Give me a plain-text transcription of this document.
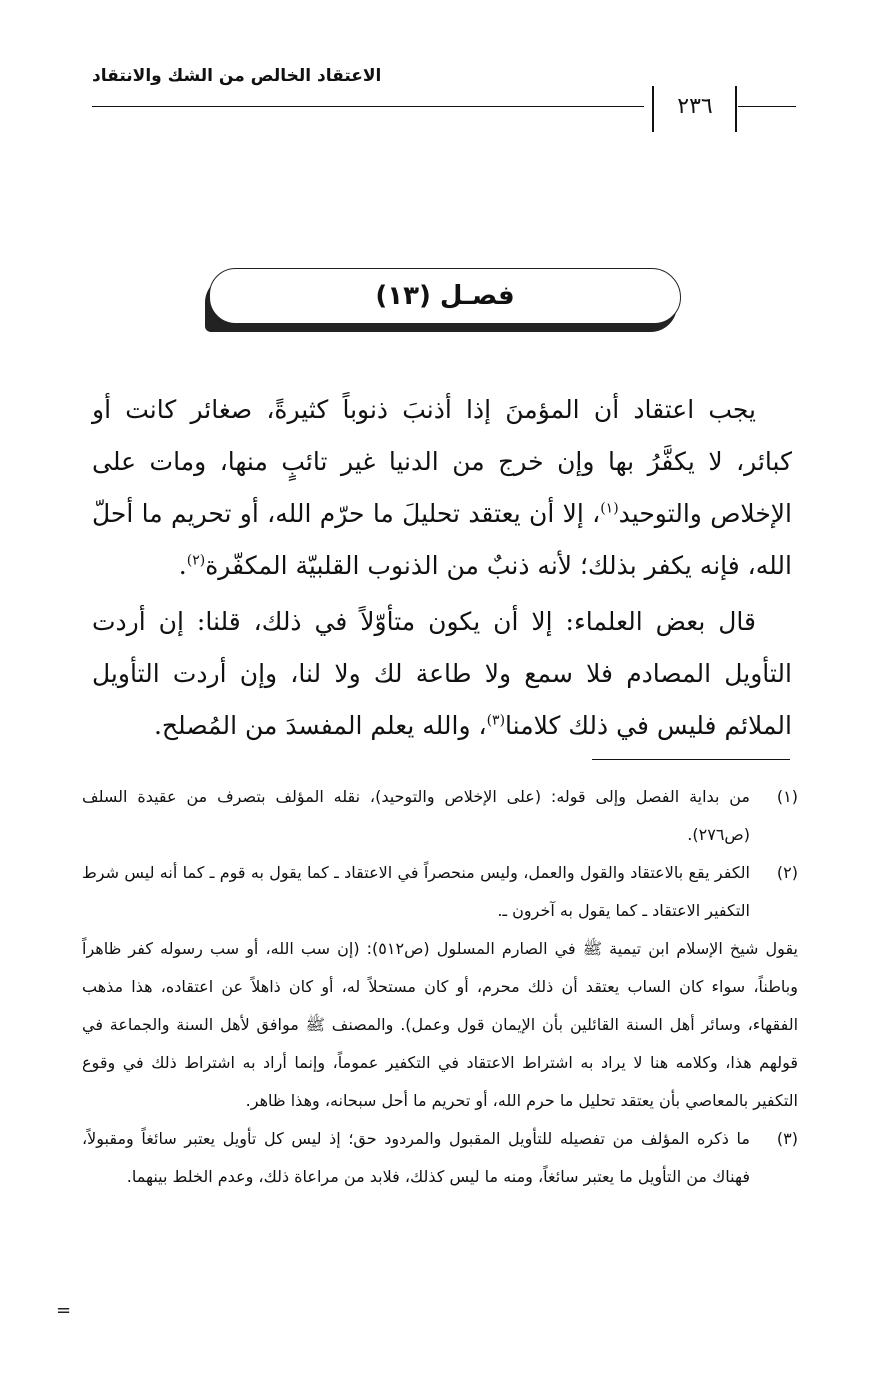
الاعتقاد الخالص من الشك والانتقاد
٢٣٦
فصـل (١٣)

يجب اعتقاد أن المؤمنَ إذا أذنبَ ذنوباً كثيرةً، صغائر كانت أو كبائر، لا يكفَّرُ بها وإن خرج من الدنيا غير تائبٍ منها، ومات على الإخلاص والتوحيد$^{(١)}$، إلا أن يعتقد تحليلَ ما حرّم الله، أو تحريم ما أحلّ الله، فإنه يكفر بذلك؛ لأنه ذنبٌ من الذنوب القلبيّة المكفّرة$^{(٢)}$.

قال بعض العلماء: إلا أن يكون متأوّلاً في ذلك، قلنا: إن أردت التأويل المصادم فلا سمع ولا طاعة لك ولا لنا، وإن أردت التأويل الملائم فليس في ذلك كلامنا$^{(٣)}$، والله يعلم المفسدَ من المُصلح.

(١)
من بداية الفصل وإلى قوله: (على الإخلاص والتوحيد)، نقله المؤلف بتصرف من عقيدة السلف (ص٢٧٦).
(٢)
الكفر يقع بالاعتقاد والقول والعمل، وليس منحصراً في الاعتقاد ـ كما يقول به قوم ـ كما أنه ليس شرط التكفير الاعتقاد ـ كما يقول به آخرون ـ.
يقول شيخ الإسلام ابن تيمية ﷺ في الصارم المسلول (ص٥١٢): (إن سب الله، أو سب رسوله كفر ظاهراً وباطناً، سواء كان الساب يعتقد أن ذلك محرم، أو كان مستحلاً له، أو كان ذاهلاً عن اعتقاده، هذا مذهب الفقهاء، وسائر أهل السنة القائلين بأن الإيمان قول وعمل). والمصنف ﷺ موافق لأهل السنة والجماعة في قولهم هذا، وكلامه هنا لا يراد به اشتراط الاعتقاد في التكفير عموماً، وإنما أراد به اشتراط ذلك في وقوع التكفير بالمعاصي بأن يعتقد تحليل ما حرم الله، أو تحريم ما أحل سبحانه، وهذا ظاهر.
(٣)
ما ذكره المؤلف من تفصيله للتأويل المقبول والمردود حق؛ إذ ليس كل تأويل يعتبر سائغاً ومقبولاً، فهناك من التأويل ما يعتبر سائغاً، ومنه ما ليس كذلك، فلابد من مراعاة ذلك، وعدم الخلط بينهما.
=
